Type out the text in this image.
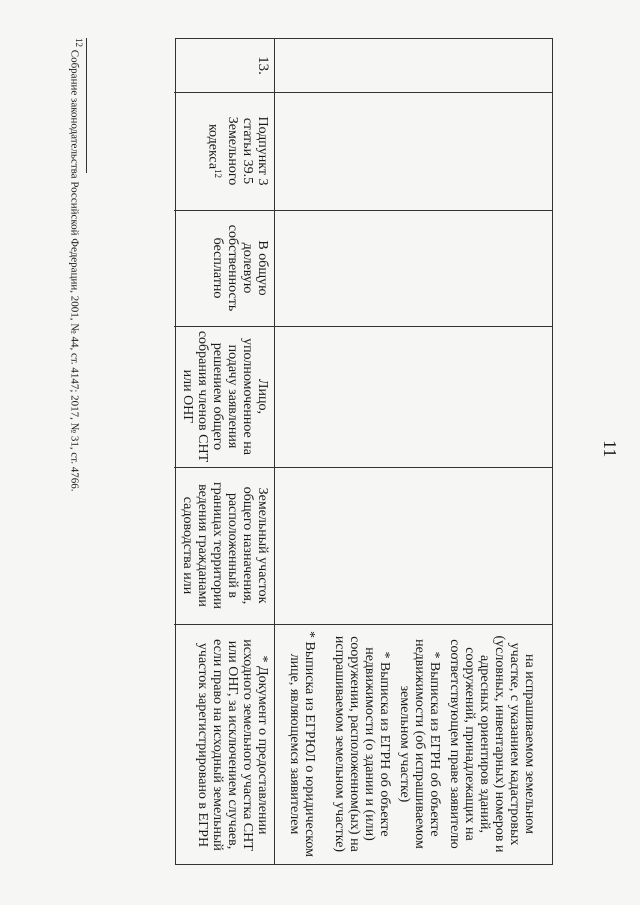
11
на испрашиваемом земельном участке, с указанием кадастровых (условных, инвентарных) номеров и адресных ориентиров зданий, сооружений, принадлежащих на соответствующем праве заявителю
* Выписка из ЕГРН об объекте недвижимости (об испрашиваемом земельном участке)
* Выписка из ЕГРН об объекте недвижимости (о здании и (или) сооружении, расположенном(ых) на испрашиваемом земельном участке)
* Выписка из ЕГРЮЛ о юридическом лице, являющемся заявителем
13.
Подпункт 3 статьи 39.5 Земельного кодекса$^{12}$
В общую долевую собственность бесплатно
Лицо, уполномоченное на подачу заявления решением общего собрания членов СНТ или ОНГ
Земельный участок общего назначения, расположенный в границах территории ведения гражданами садоводства или
* Документ о предоставлении исходного земельного участка СНТ или ОНГ, за исключением случаев, если право на исходный земельный участок зарегистрировано в ЕГРН
$^{12}$ Собрание законодательства Российской Федерации, 2001, № 44, ст. 4147; 2017, № 31, ст. 4766.
